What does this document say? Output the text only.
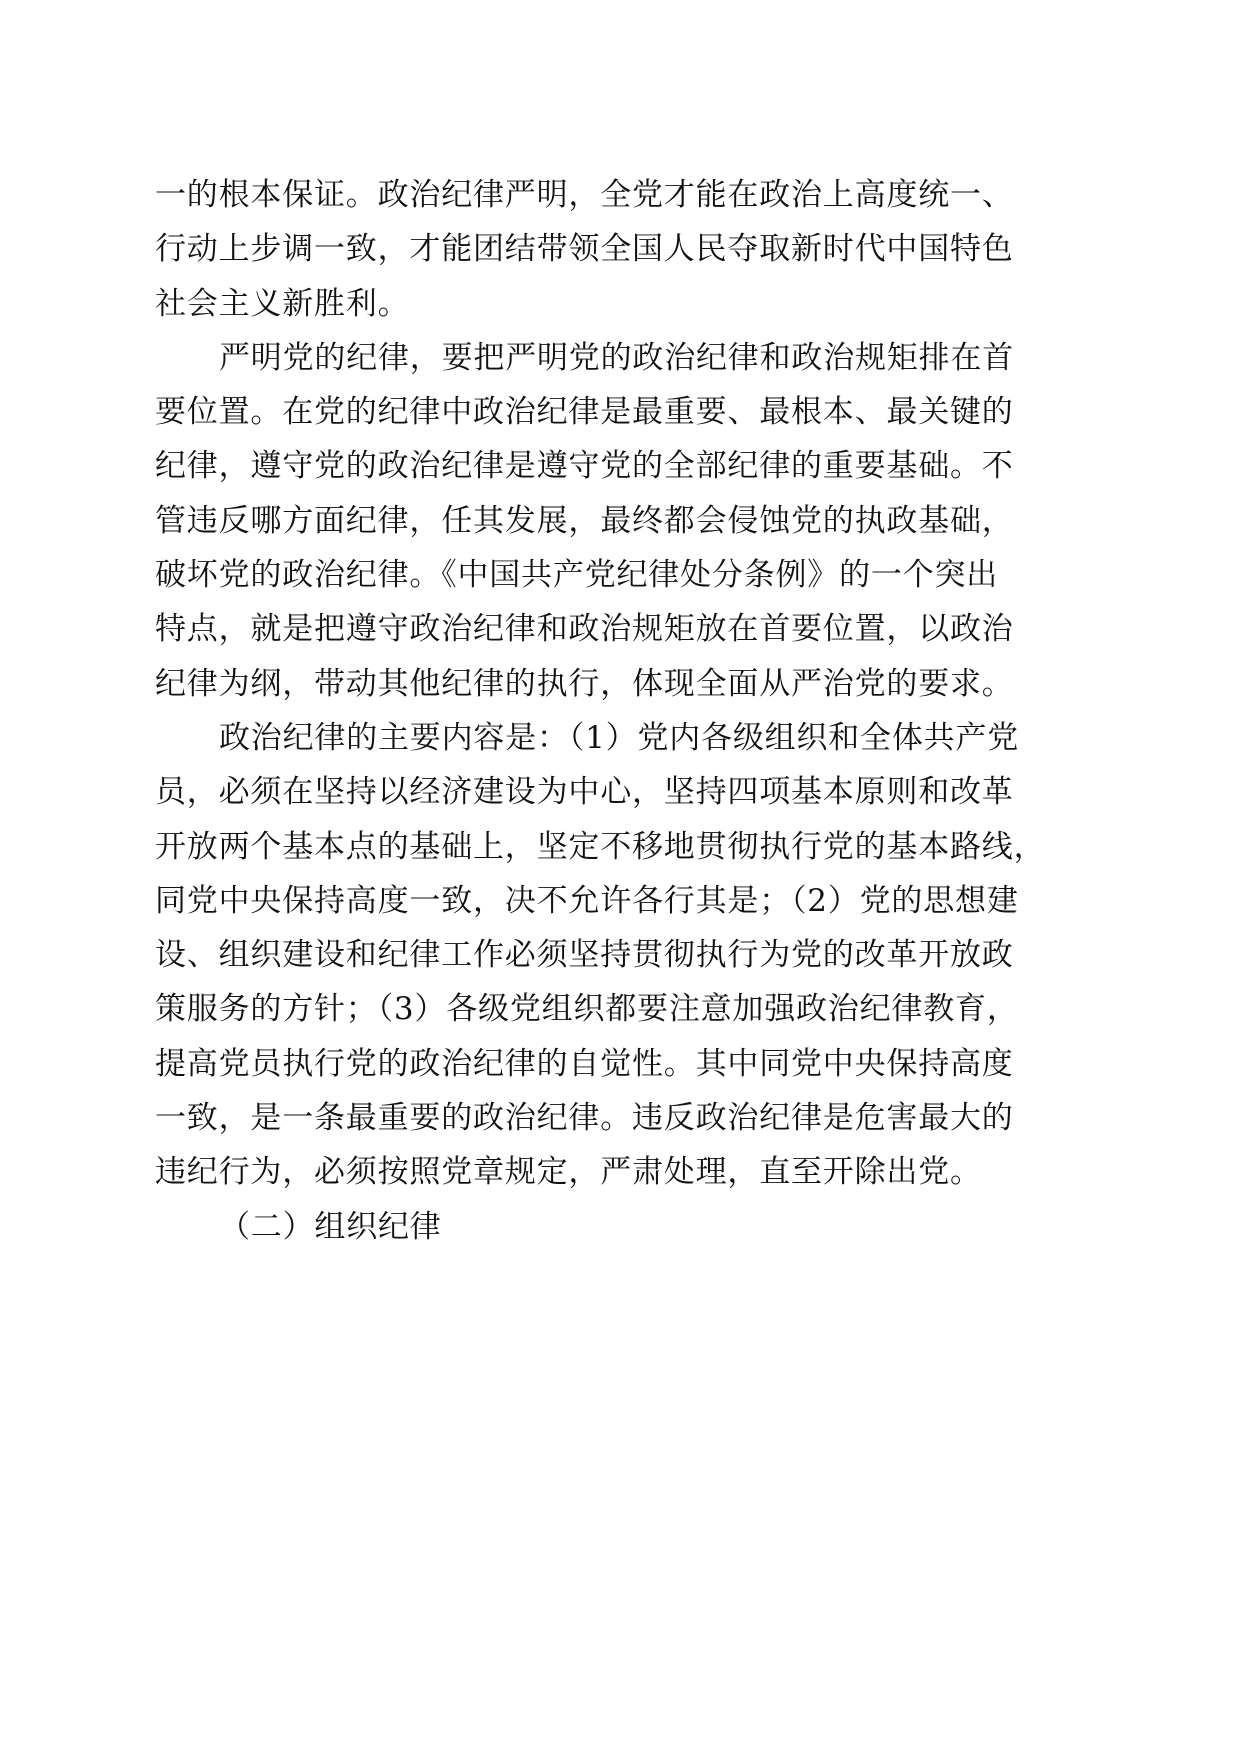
一的根本保证。政治纪律严明，全党才能在政治上高度统一、
行动上步调一致，才能团结带领全国人民夺取新时代中国特色
社会主义新胜利。
严明党的纪律，要把严明党的政治纪律和政治规矩排在首
要位置。在党的纪律中政治纪律是最重要、最根本、最关键的
纪律，遵守党的政治纪律是遵守党的全部纪律的重要基础。不
管违反哪方面纪律，任其发展，最终都会侵蚀党的执政基础，
破坏党的政治纪律。《中国共产党纪律处分条例》的一个突出
特点，就是把遵守政治纪律和政治规矩放在首要位置，以政治
纪律为纲，带动其他纪律的执行，体现全面从严治党的要求。
政治纪律的主要内容是：（1）党内各级组织和全体共产党
员，必须在坚持以经济建设为中心，坚持四项基本原则和改革
开放两个基本点的基础上，坚定不移地贯彻执行党的基本路线，
同党中央保持高度一致，决不允许各行其是；（2）党的思想建
设、组织建设和纪律工作必须坚持贯彻执行为党的改革开放政
策服务的方针；（3）各级党组织都要注意加强政治纪律教育，
提高党员执行党的政治纪律的自觉性。其中同党中央保持高度
一致，是一条最重要的政治纪律。违反政治纪律是危害最大的
违纪行为，必须按照党章规定，严肃处理，直至开除出党。
（二）组织纪律
